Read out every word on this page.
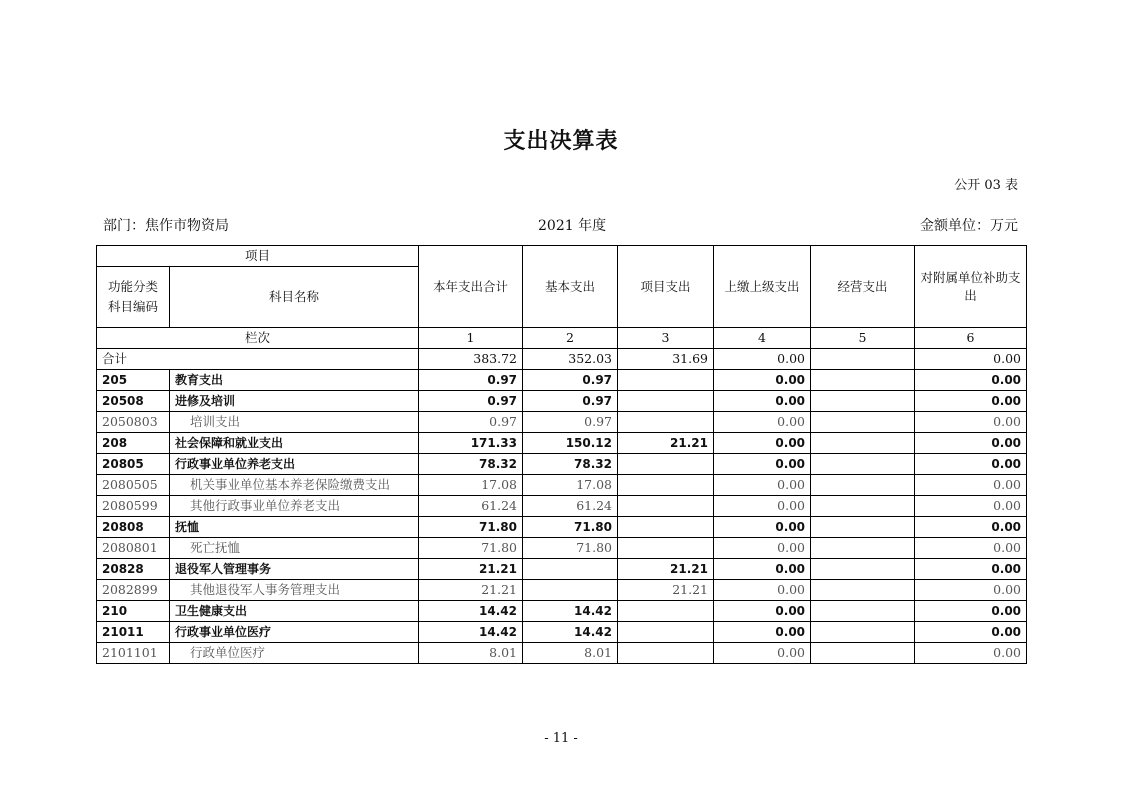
支出决算表
公开 03 表
部门：焦作市物资局	2021 年度	金额单位：万元
项目		本年支出合计	基本支出	项目支出	上缴上级支出	经营支出	对附属单位补助支出
功能分类科目编码	科目名称						
栏次		1	2	3	4	5	6
合计		383.72	352.03	31.69	0.00		0.00
205	教育支出	0.97	0.97		0.00		0.00
20508	进修及培训	0.97	0.97		0.00		0.00
2050803	培训支出	0.97	0.97		0.00		0.00
208	社会保障和就业支出	171.33	150.12	21.21	0.00		0.00
20805	行政事业单位养老支出	78.32	78.32		0.00		0.00
2080505	机关事业单位基本养老保险缴费支出	17.08	17.08		0.00		0.00
2080599	其他行政事业单位养老支出	61.24	61.24		0.00		0.00
20808	抚恤	71.80	71.80		0.00		0.00
2080801	死亡抚恤	71.80	71.80		0.00		0.00
20828	退役军人管理事务	21.21		21.21	0.00		0.00
2082899	其他退役军人事务管理支出	21.21		21.21	0.00		0.00
210	卫生健康支出	14.42	14.42		0.00		0.00
21011	行政事业单位医疗	14.42	14.42		0.00		0.00
2101101	行政单位医疗	8.01	8.01		0.00		0.00
- 11 -
